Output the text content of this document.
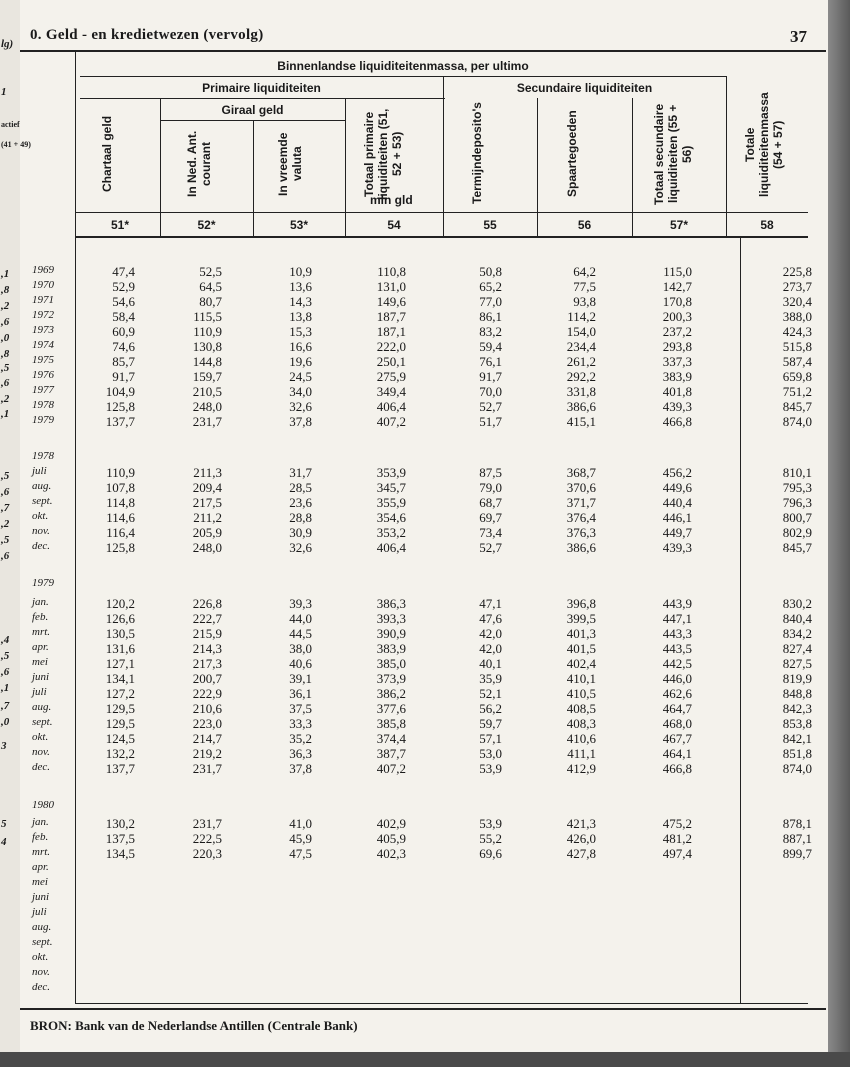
lg)
1
actief
(41 + 49)
,1
,8
,2
,6
,0
,8
,5
,6
,2
,1
,5
,6
,7
,2
,5
,6
,4
,5
,6
,1
,7
,0
3
5
4
0. Geld - en kredietwezen (vervolg)	37
Binnenlandse liquiditeitenmassa, per ultimo
Primaire liquiditeiten	Secundaire liquiditeiten
Giraal geld
mln gld
Chartaal geld	In Ned. Ant. courant	In vreemde valuta	Totaal primaire liquiditeiten (51, 52 + 53)	Termijndeposito's	Spaartegoeden	Totaal secundaire liquiditeiten (55 + 56)	Totale liquiditeitenmassa (54 + 57)
51*	52*	53*	54	55	56	57*	58
1969	47,4	52,5	10,9	110,8	50,8	64,2	115,0	225,8
1970	52,9	64,5	13,6	131,0	65,2	77,5	142,7	273,7
1971	54,6	80,7	14,3	149,6	77,0	93,8	170,8	320,4
1972	58,4	115,5	13,8	187,7	86,1	114,2	200,3	388,0
1973	60,9	110,9	15,3	187,1	83,2	154,0	237,2	424,3
1974	74,6	130,8	16,6	222,0	59,4	234,4	293,8	515,8
1975	85,7	144,8	19,6	250,1	76,1	261,2	337,3	587,4
1976	91,7	159,7	24,5	275,9	91,7	292,2	383,9	659,8
1977	104,9	210,5	34,0	349,4	70,0	331,8	401,8	751,2
1978	125,8	248,0	32,6	406,4	52,7	386,6	439,3	845,7
1979	137,7	231,7	37,8	407,2	51,7	415,1	466,8	874,0
1978
juli	110,9	211,3	31,7	353,9	87,5	368,7	456,2	810,1
aug.	107,8	209,4	28,5	345,7	79,0	370,6	449,6	795,3
sept.	114,8	217,5	23,6	355,9	68,7	371,7	440,4	796,3
okt.	114,6	211,2	28,8	354,6	69,7	376,4	446,1	800,7
nov.	116,4	205,9	30,9	353,2	73,4	376,3	449,7	802,9
dec.	125,8	248,0	32,6	406,4	52,7	386,6	439,3	845,7
1979
jan.	120,2	226,8	39,3	386,3	47,1	396,8	443,9	830,2
feb.	126,6	222,7	44,0	393,3	47,6	399,5	447,1	840,4
mrt.	130,5	215,9	44,5	390,9	42,0	401,3	443,3	834,2
apr.	131,6	214,3	38,0	383,9	42,0	401,5	443,5	827,4
mei	127,1	217,3	40,6	385,0	40,1	402,4	442,5	827,5
juni	134,1	200,7	39,1	373,9	35,9	410,1	446,0	819,9
juli	127,2	222,9	36,1	386,2	52,1	410,5	462,6	848,8
aug.	129,5	210,6	37,5	377,6	56,2	408,5	464,7	842,3
sept.	129,5	223,0	33,3	385,8	59,7	408,3	468,0	853,8
okt.	124,5	214,7	35,2	374,4	57,1	410,6	467,7	842,1
nov.	132,2	219,2	36,3	387,7	53,0	411,1	464,1	851,8
dec.	137,7	231,7	37,8	407,2	53,9	412,9	466,8	874,0
1980
jan.	130,2	231,7	41,0	402,9	53,9	421,3	475,2	878,1
feb.	137,5	222,5	45,9	405,9	55,2	426,0	481,2	887,1
mrt.	134,5	220,3	47,5	402,3	69,6	427,8	497,4	899,7
apr.
mei
juni
juli
aug.
sept.
okt.
nov.
dec.
BRON: Bank van de Nederlandse Antillen (Centrale Bank)
